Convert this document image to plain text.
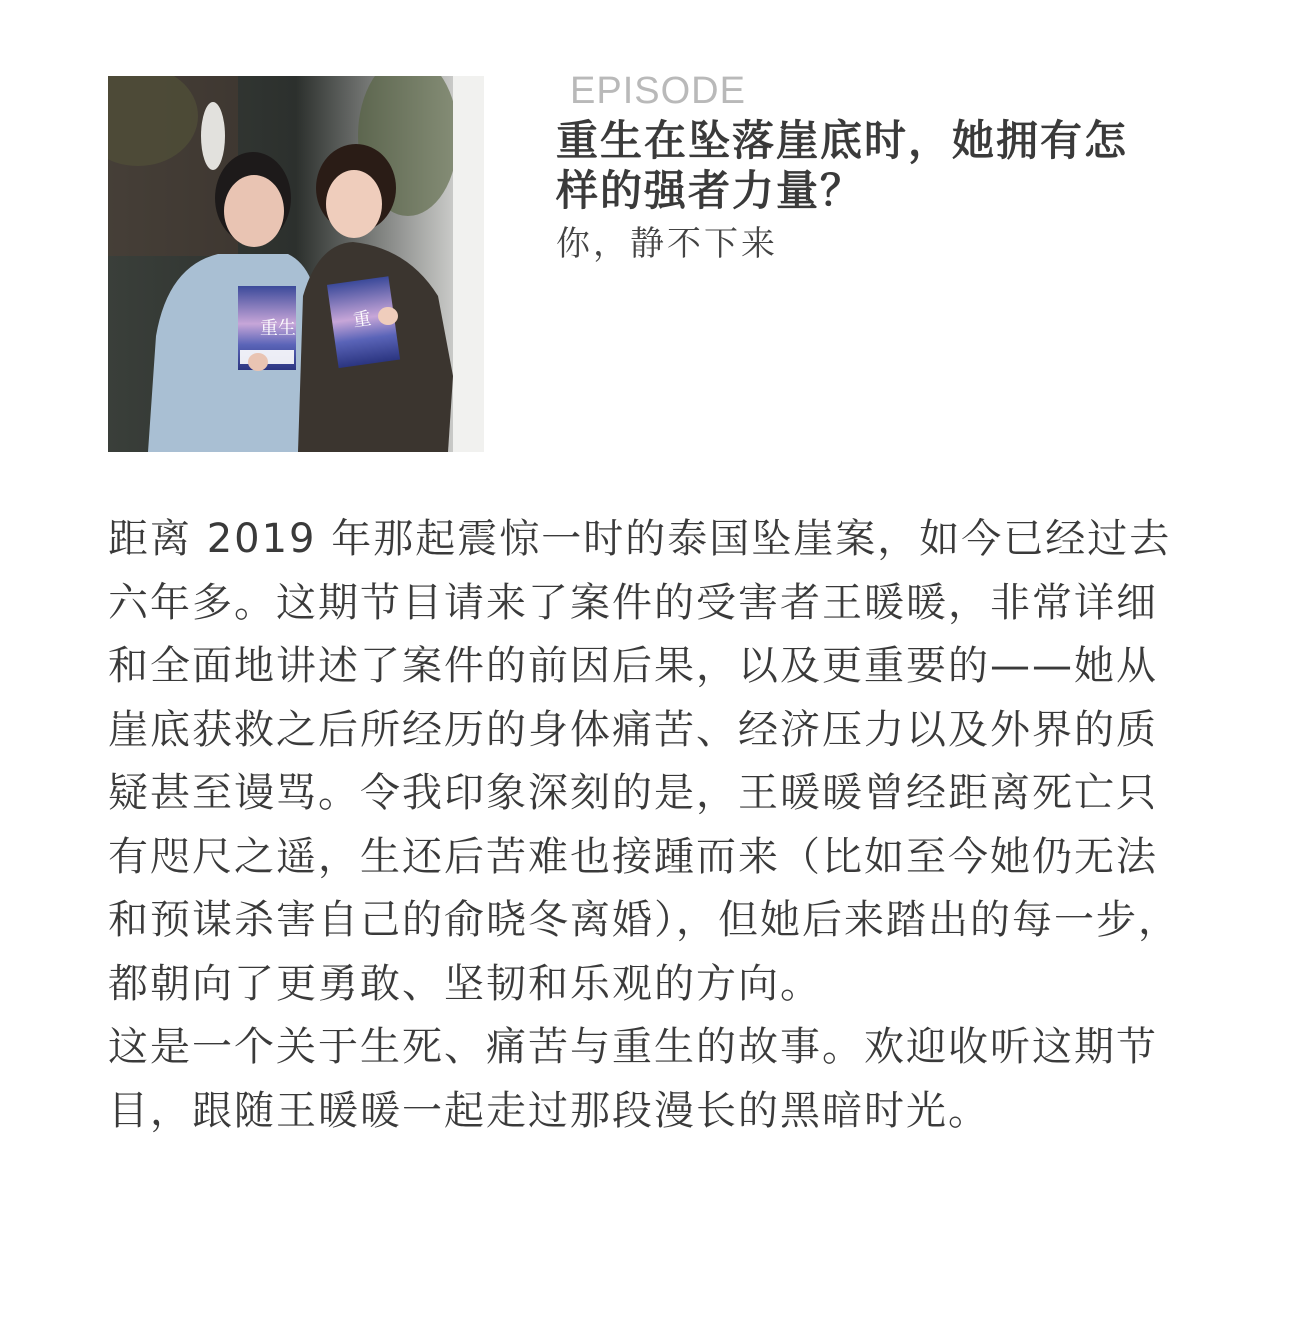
重生	重
EPISODE
重生在坠落崖底时，她拥有怎样的强者力量？
你，静不下来

距离 2019 年那起震惊一时的泰国坠崖案，如今已经过去六年多。这期节目请来了案件的受害者王暖暖，非常详细和全面地讲述了案件的前因后果，以及更重要的——她从崖底获救之后所经历的身体痛苦、经济压力以及外界的质疑甚至谩骂。令我印象深刻的是，王暖暖曾经距离死亡只有咫尺之遥，生还后苦难也接踵而来（比如至今她仍无法和预谋杀害自己的俞晓冬离婚），但她后来踏出的每一步，都朝向了更勇敢、坚韧和乐观的方向。

这是一个关于生死、痛苦与重生的故事。欢迎收听这期节目，跟随王暖暖一起走过那段漫长的黑暗时光。
